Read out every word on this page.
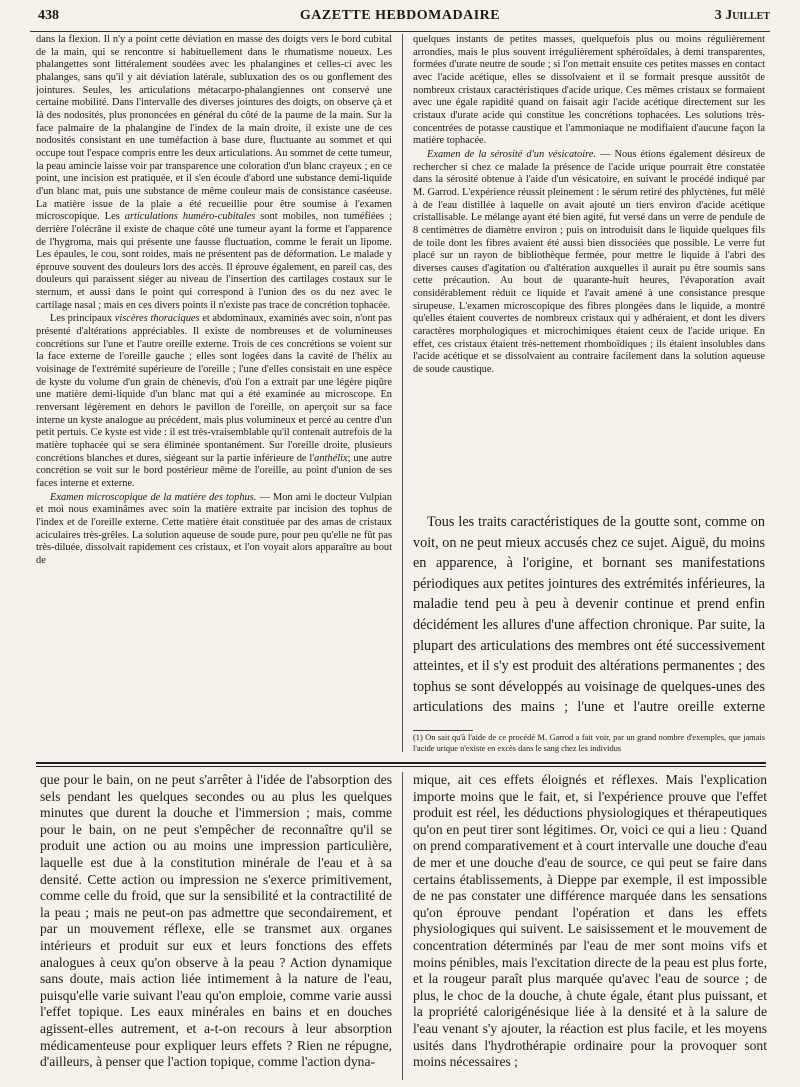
438	GAZETTE HEBDOMADAIRE	3 Juillet

dans la flexion. Il n'y a point cette déviation en masse des doigts vers le bord cubital de la main, qui se rencontre si habituellement dans le rhumatisme noueux. Les phalangettes sont littéralement soudées avec les phalangines et celles-ci avec les phalanges, sans qu'il y ait déviation latérale, subluxation des os ou gonflement des jointures. Seules, les articulations métacarpo-phalangiennes ont conservé une certaine mobilité. Dans l'intervalle des diverses jointures des doigts, on observe çà et là des nodosités, plus prononcées en général du côté de la paume de la main. Sur la face palmaire de la phalangine de l'index de la main droite, il existe une de ces nodosités consistant en une tuméfaction à base dure, fluctuante au sommet et qui occupe tout l'espace compris entre les deux articulations. Au sommet de cette tumeur, la peau amincie laisse voir par transparence une coloration d'un blanc crayeux ; en ce point, une incision est pratiquée, et il s'en écoule d'abord une substance demi-liquide d'un blanc mat, puis une substance de même couleur mais de consistance caséeuse. La matière issue de la plaie a été recueillie pour être soumise à l'examen microscopique. Les articulations huméro-cubitales sont mobiles, non tuméfiées ; derrière l'olécrâne il existe de chaque côté une tumeur ayant la forme et l'apparence de l'hygroma, mais qui présente une fausse fluctuation, comme le ferait un lipome. Les épaules, le cou, sont roides, mais ne présentent pas de déformation. Le malade y éprouve souvent des douleurs lors des accès. Il éprouve également, en pareil cas, des douleurs qui paraissent siéger au niveau de l'insertion des cartilages costaux sur le sternum, et aussi dans le point qui correspond à l'union des os du nez avec le cartilage nasal ; mais en ces divers points il n'existe pas trace de concrétion tophacée.

Les principaux viscères thoraciques et abdominaux, examinés avec soin, n'ont pas présenté d'altérations appréciables. Il existe de nombreuses et de volumineuses concrétions sur l'une et l'autre oreille externe. Trois de ces concrétions se voient sur la face externe de l'oreille gauche ; elles sont logées dans la cavité de l'hélix au voisinage de l'extrémité supérieure de l'oreille ; l'une d'elles consistait en une espèce de kyste du volume d'un grain de chènevis, d'où l'on a extrait par une légère piqûre une matière demi-liquide d'un blanc mat qui a été examinée au microscope. En renversant légèrement en dehors le pavillon de l'oreille, on aperçoit sur sa face interne un kyste analogue au précédent, mais plus volumineux et percé au centre d'un petit pertuis. Ce kyste est vide : il est très-vraisemblable qu'il contenait autrefois de la matière tophacée qui se sera éliminée spontanément. Sur l'oreille droite, plusieurs concrétions blanches et dures, siégeant sur la partie inférieure de l'anthélix; une autre concrétion se voit sur le bord postérieur même de l'oreille, au point d'union de ses faces interne et externe.

Examen microscopique de la matière des tophus. — Mon ami le docteur Vulpian et moi nous examinâmes avec soin la matière extraite par incision des tophus de l'index et de l'oreille externe. Cette matière était constituée par des amas de cristaux aciculaires très-grêles. La solution aqueuse de soude pure, pour peu qu'elle ne fût pas très-diluée, dissolvait rapidement ces cristaux, et l'on voyait alors apparaître au bout de

quelques instants de petites masses, quelquefois plus ou moins régulièrement arrondies, mais le plus souvent irrégulièrement sphéroïdales, à demi transparentes, formées d'urate neutre de soude ; si l'on mettait ensuite ces petites masses en contact avec l'acide acétique, elles se dissolvaient et il se formait presque aussitôt de nombreux cristaux caractéristiques d'acide urique. Ces mêmes cristaux se formaient avec une égale rapidité quand on faisait agir l'acide acétique directement sur les cristaux d'urate acide qui constitue les concrétions tophacées. Les solutions très-concentrées de potasse caustique et l'ammoniaque ne modifiaient d'aucune façon la matière tophacée.

Examen de la sérosité d'un vésicatoire. — Nous étions également désireux de rechercher si chez ce malade la présence de l'acide urique pourrait être constatée dans la sérosité obtenue à l'aide d'un vésicatoire, en suivant le procédé indiqué par M. Garrod. L'expérience réussit pleinement : le sérum retiré des phlyctènes, fut mêlé à de l'eau distillée à laquelle on avait ajouté un tiers environ d'acide acétique cristallisable. Le mélange ayant été bien agité, fut versé dans un verre de pendule de 8 centimètres de diamètre environ ; puis on introduisit dans le liquide quelques fils de toile dont les fibres avaient été aussi bien dissociées que possible. Le verre fut placé sur un rayon de bibliothèque fermée, pour mettre le liquide à l'abri des diverses causes d'agitation ou d'altération auxquelles il aurait pu être soumis sans cette précaution. Au bout de quarante-huit heures, l'évaporation avait considérablement réduit ce liquide et l'avait amené à une consistance presque sirupeuse. L'examen microscopique des fibres plongées dans le liquide, a montré qu'elles étaient couvertes de nombreux cristaux qui y adhéraient, et dont les divers caractères morphologiques et microchimiques étaient ceux de l'acide urique. En effet, ces cristaux étaient très-nettement rhomboïdiques ; ils étaient insolubles dans l'acide acétique et se dissolvaient au contraire facilement dans la solution aqueuse de soude caustique.

Tous les traits caractéristiques de la goutte sont, comme on voit, on ne peut mieux accusés chez ce sujet. Aiguë, du moins en apparence, à l'origine, et bornant ses manifestations périodiques aux petites jointures des extrémités inférieures, la maladie tend peu à peu à devenir continue et prend enfin décidément les allures d'une affection chronique. Par suite, la plupart des articulations des membres ont été successivement atteintes, et il s'y est produit des altérations permanentes ; des tophus se sont développés au voisinage de quelques-unes des articulations des mains ; l'une et l'autre oreille externe

(1) On sait qu'à l'aide de ce procédé M. Garrod a fait voir, par un grand nombre d'exemples, que jamais l'acide urique n'existe en excès dans le sang chez les individus

que pour le bain, on ne peut s'arrêter à l'idée de l'absorption des sels pendant les quelques secondes ou au plus les quelques minutes que durent la douche et l'immersion ; mais, comme pour le bain, on ne peut s'empêcher de reconnaître qu'il se produit une action ou au moins une impression particulière, laquelle est due à la constitution minérale de l'eau et à sa densité. Cette action ou impression ne s'exerce primitivement, comme celle du froid, que sur la sensibilité et la contractilité de la peau ; mais ne peut-on pas admettre que secondairement, et par un mouvement réflexe, elle se transmet aux organes intérieurs et produit sur eux et leurs fonctions des effets analogues à ceux qu'on observe à la peau ? Action dynamique sans doute, mais action liée intimement à la nature de l'eau, puisqu'elle varie suivant l'eau qu'on emploie, comme varie aussi l'effet topique. Les eaux minérales en bains et en douches agissent-elles autrement, et a-t-on recours à leur absorption médicamenteuse pour expliquer leurs effets ? Rien ne répugne, d'ailleurs, à penser que l'action topique, comme l'action dyna-

mique, ait ces effets éloignés et réflexes. Mais l'explication importe moins que le fait, et, si l'expérience prouve que l'effet produit est réel, les déductions physiologiques et thérapeutiques qu'on en peut tirer sont légitimes. Or, voici ce qui a lieu : Quand on prend comparativement et à court intervalle une douche d'eau de mer et une douche d'eau de source, ce qui peut se faire dans certains établissements, à Dieppe par exemple, il est impossible de ne pas constater une différence marquée dans les sensations qu'on éprouve pendant l'opération et dans les effets physiologiques qui suivent. Le saisissement et le mouvement de concentration déterminés par l'eau de mer sont moins vifs et moins pénibles, mais l'excitation directe de la peau est plus forte, et la rougeur paraît plus marquée qu'avec l'eau de source ; de plus, le choc de la douche, à chute égale, étant plus puissant, et la propriété calorigénésique liée à la densité et à la salure de l'eau venant s'y ajouter, la réaction est plus facile, et les moyens usités dans l'hydrothérapie ordinaire pour la provoquer sont moins nécessaires ;
